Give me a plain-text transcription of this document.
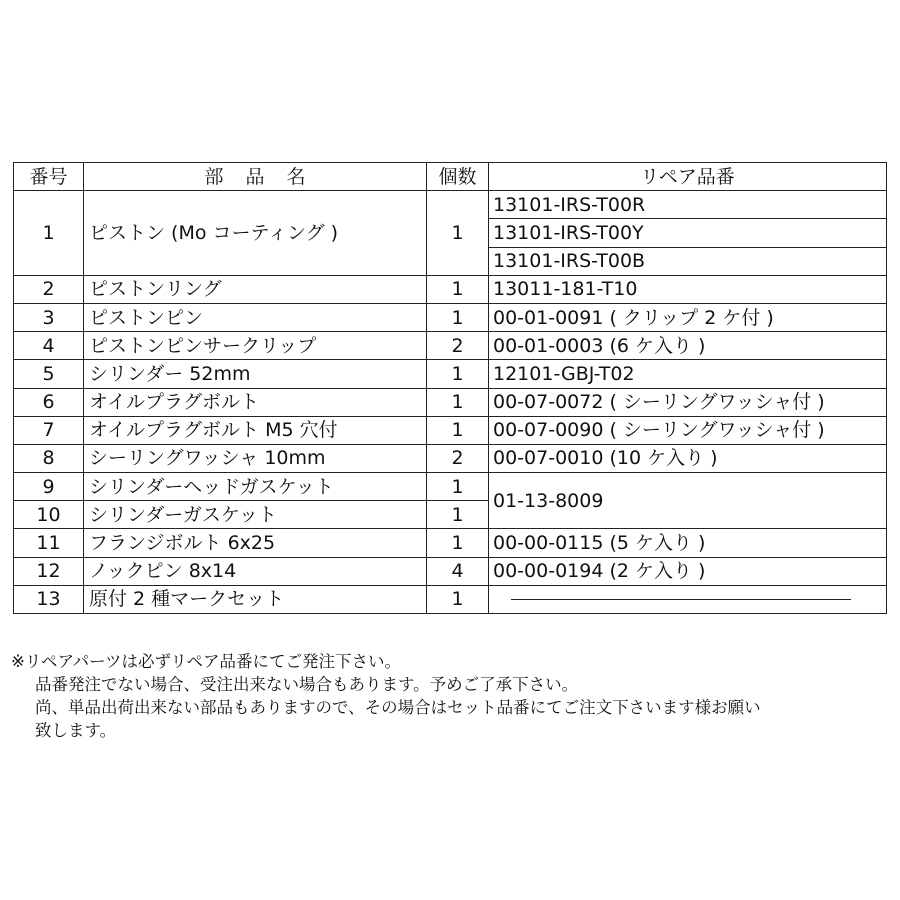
番号	部品名	個数	リペア品番
1	ピストン (Mo コーティング )	1	13101-IRS-T00R
			13101-IRS-T00Y
			13101-IRS-T00B
2	ピストンリング	1	13011-181-T10
3	ピストンピン	1	00-01-0091 ( クリップ 2 ケ付 )
4	ピストンピンサークリップ	2	00-01-0003 (6 ケ入り )
5	シリンダー 52mm	1	12101-GBJ-T02
6	オイルプラグボルト	1	00-07-0072 ( シーリングワッシャ付 )
7	オイルプラグボルト M5 穴付	1	00-07-0090 ( シーリングワッシャ付 )
8	シーリングワッシャ 10mm	2	00-07-0010 (10 ケ入り )
9	シリンダーヘッドガスケット	1	01-13-8009
10	シリンダーガスケット	1	
11	フランジボルト 6x25	1	00-00-0115 (5 ケ入り )
12	ノックピン 8x14	4	00-00-0194 (2 ケ入り )
13	原付 2 種マークセット	1	
※リペアパーツは必ずリペア品番にてご発注下さい。
品番発注でない場合、受注出来ない場合もあります。予めご了承下さい。
尚、単品出荷出来ない部品もありますので、その場合はセット品番にてご注文下さいます様お願い
致します。
